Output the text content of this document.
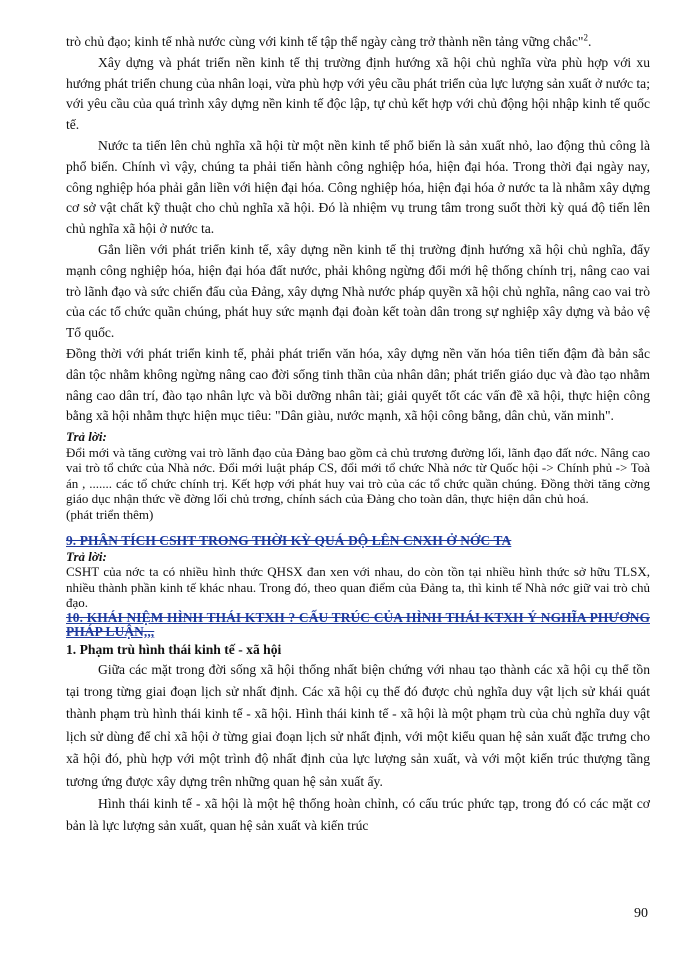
trò chủ đạo; kinh tế nhà nước cùng với kinh tế tập thể ngày càng trở thành nền tảng vững chắc"$^2$.

Xây dựng và phát triển nền kinh tế thị trường định hướng xã hội chủ nghĩa vừa phù hợp với xu hướng phát triển chung của nhân loại, vừa phù hợp với yêu cầu phát triển của lực lượng sản xuất ở nước ta; với yêu cầu của quá trình xây dựng nền kinh tế độc lập, tự chủ kết hợp với chủ động hội nhập kinh tế quốc tế.

Nước ta tiến lên chủ nghĩa xã hội từ một nền kinh tế phổ biến là sản xuất nhỏ, lao động thủ công là phổ biến. Chính vì vậy, chúng ta phải tiến hành công nghiệp hóa, hiện đại hóa. Trong thời đại ngày nay, công nghiệp hóa phải gắn liền với hiện đại hóa. Công nghiệp hóa, hiện đại hóa ở nước ta là nhằm xây dựng cơ sở vật chất kỹ thuật cho chủ nghĩa xã hội. Đó là nhiệm vụ trung tâm trong suốt thời kỳ quá độ tiến lên chủ nghĩa xã hội ở nước ta.

Gắn liền với phát triển kinh tế, xây dựng nền kinh tế thị trường định hướng xã hội chủ nghĩa, đẩy mạnh công nghiệp hóa, hiện đại hóa đất nước, phải không ngừng đổi mới hệ thống chính trị, nâng cao vai trò lãnh đạo và sức chiến đấu của Đảng, xây dựng Nhà nước pháp quyền xã hội chủ nghĩa, nâng cao vai trò của các tổ chức quần chúng, phát huy sức mạnh đại đoàn kết toàn dân trong sự nghiệp xây dựng và bảo vệ Tổ quốc.

Đồng thời với phát triển kinh tế, phải phát triển văn hóa, xây dựng nền văn hóa tiên tiến đậm đà bản sắc dân tộc nhằm không ngừng nâng cao đời sống tinh thần của nhân dân; phát triển giáo dục và đào tạo nhằm nâng cao dân trí, đào tạo nhân lực và bồi dưỡng nhân tài; giải quyết tốt các vấn đề xã hội, thực hiện công bằng xã hội nhằm thực hiện mục tiêu: "Dân giàu, nước mạnh, xã hội công bằng, dân chủ, văn minh".

Trả lời:

Đổi mới và tăng cường vai trò lãnh đạo của Đảng bao gồm cả chủ trương đường lối, lãnh đạo đất nớc. Nâng cao vai trò tổ chức của Nhà nớc. Đổi mới luật pháp CS, đổi mới tổ chức Nhà nớc từ Quốc hội -> Chính phủ -> Toà án , ....... các tổ chức chính trị. Kết hợp với phát huy vai trò của các tổ chức quần chúng. Đồng thời tăng cờng giáo dục nhận thức về đờng lối chủ trơng, chính sách của Đảng cho toàn dân, thực hiện dân chủ hoá.

(phát triển thêm)

9. PHÂN TÍCH CSHT TRONG THỜI KỲ QUÁ ĐỘ LÊN CNXH Ở NỚC TA

Trả lời:

CSHT của nớc ta có nhiều hình thức QHSX đan xen với nhau, do còn tồn tại nhiều hình thức sở hữu TLSX, nhiều thành phần kinh tế khác nhau. Trong đó, theo quan điểm của Đảng ta, thì kinh tế Nhà nớc giữ vai trò chủ đạo.

10. KHÁI NIỆM HÌNH THÁI KTXH ? CẤU TRÚC CỦA HÌNH THÁI KTXH Ý NGHĨA PHƯƠNG PHÁP LUẬN,,,

1. Phạm trù hình thái kinh tế - xã hội

Giữa các mặt trong đời sống xã hội thống nhất biện chứng với nhau tạo thành các xã hội cụ thể tồn tại trong từng giai đoạn lịch sử nhất định. Các xã hội cụ thể đó được chủ nghĩa duy vật lịch sử khái quát thành phạm trù hình thái kinh tế - xã hội. Hình thái kinh tế - xã hội là một phạm trù của chủ nghĩa duy vật lịch sử dùng để chỉ xã hội ở từng giai đoạn lịch sử nhất định, với một kiểu quan hệ sản xuất đặc trưng cho xã hội đó, phù hợp với một trình độ nhất định của lực lượng sản xuất, và với một kiến trúc thượng tầng tương ứng được xây dựng trên những quan hệ sản xuất ấy.

Hình thái kinh tế - xã hội là một hệ thống hoàn chỉnh, có cấu trúc phức tạp, trong đó có các mặt cơ bản là lực lượng sản xuất, quan hệ sản xuất và kiến trúc

90
